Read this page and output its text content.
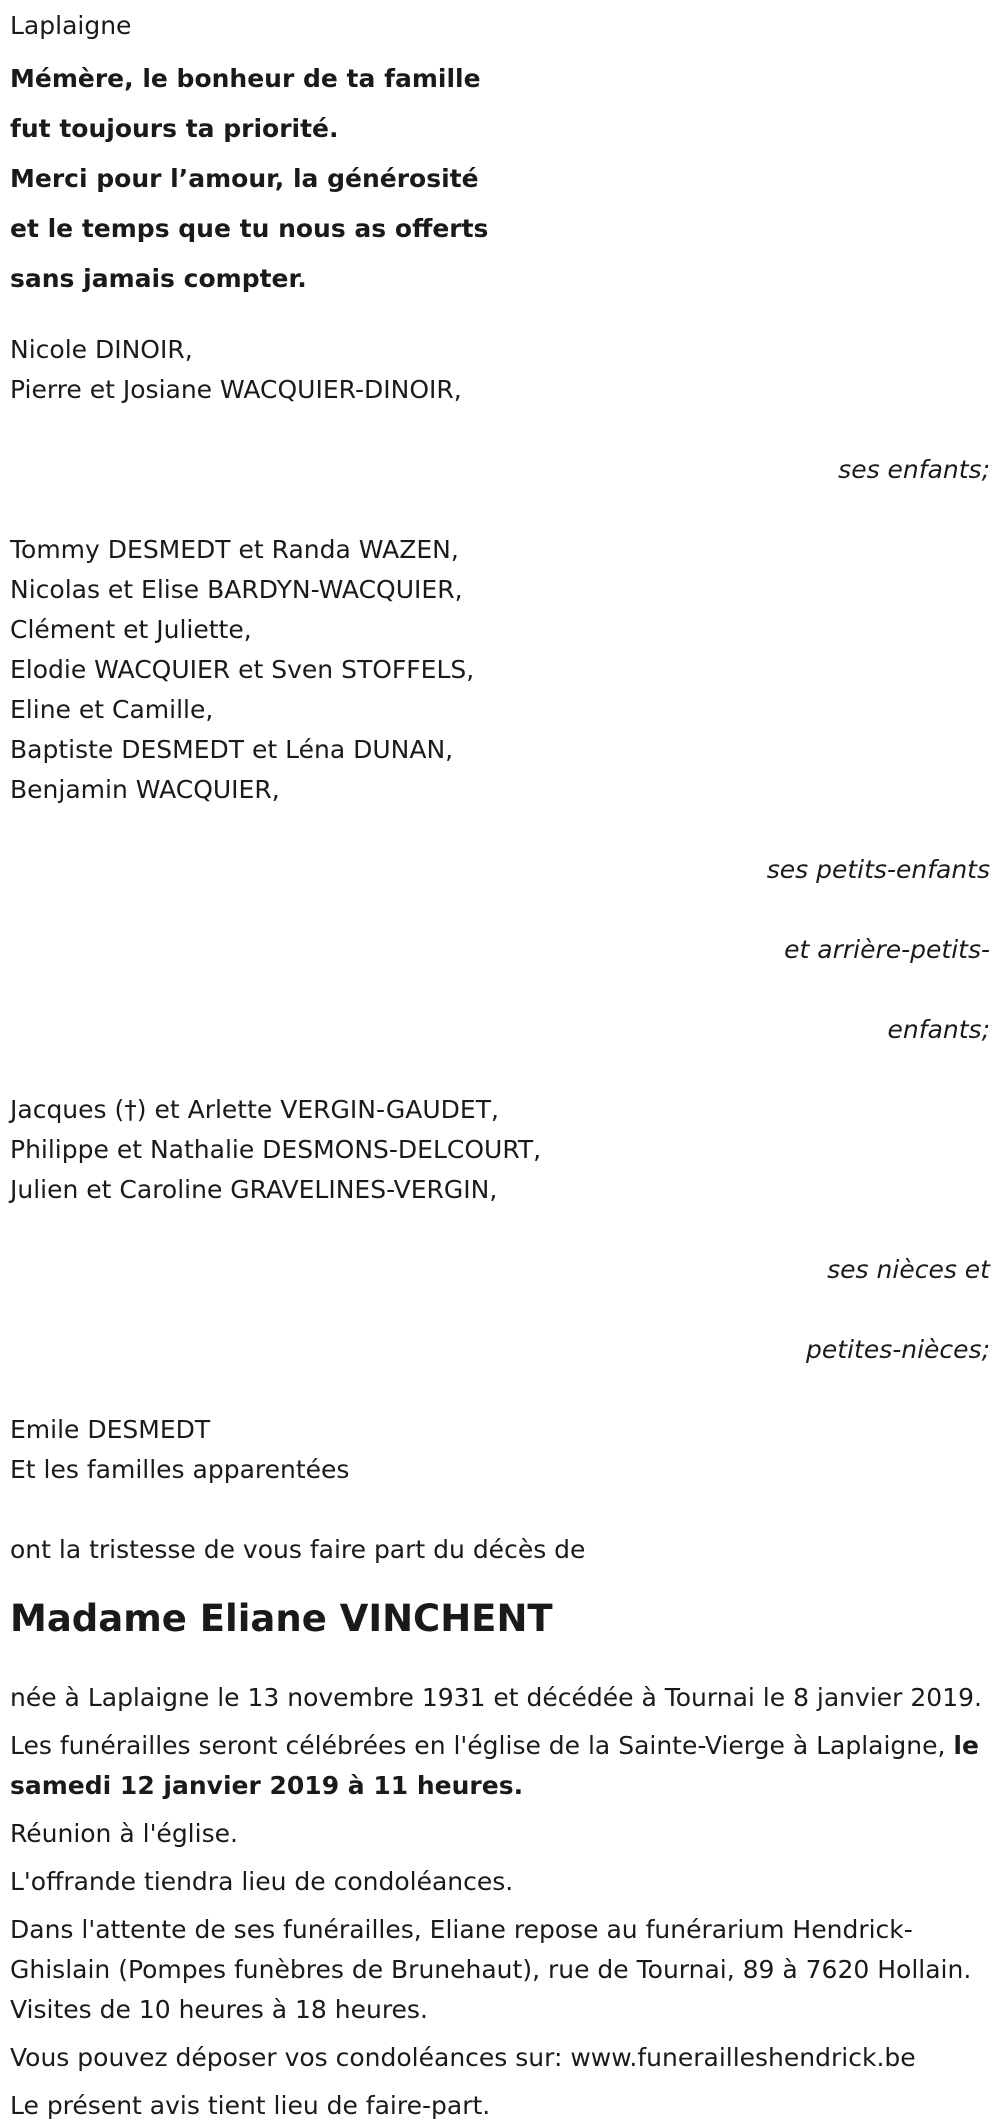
Laplaigne
Mémère, le bonheur de ta famille
fut toujours ta priorité.
Merci pour l’amour, la générosité
et le temps que tu nous as offerts
sans jamais compter.
Nicole DINOIR,
Pierre et Josiane WACQUIER-DINOIR,

ses enfants;

Tommy DESMEDT et Randa WAZEN,
Nicolas et Elise BARDYN-WACQUIER,
Clément et Juliette,
Elodie WACQUIER et Sven STOFFELS,
Eline et Camille,
Baptiste DESMEDT et Léna DUNAN,
Benjamin WACQUIER,

ses petits-enfants

et arrière-petits-

enfants;

Jacques (†) et Arlette VERGIN-GAUDET,
Philippe et Nathalie DESMONS-DELCOURT,
Julien et Caroline GRAVELINES-VERGIN,

ses nièces et

petites-nièces;

Emile DESMEDT
Et les familles apparentées
ont la tristesse de vous faire part du décès de
Madame Eliane VINCHENT
née à Laplaigne le 13 novembre 1931 et décédée à Tournai le 8 janvier 2019.
Les funérailles seront célébrées en l'église de la Sainte-Vierge à Laplaigne, le samedi 12 janvier 2019 à 11 heures.
Réunion à l'église.
L'offrande tiendra lieu de condoléances.
Dans l'attente de ses funérailles, Eliane repose au funérarium Hendrick-Ghislain (Pompes funèbres de Brunehaut), rue de Tournai, 89 à 7620 Hollain. Visites de 10 heures à 18 heures.
Vous pouvez déposer vos condoléances sur: www.funerailleshendrick.be
Le présent avis tient lieu de faire-part.
